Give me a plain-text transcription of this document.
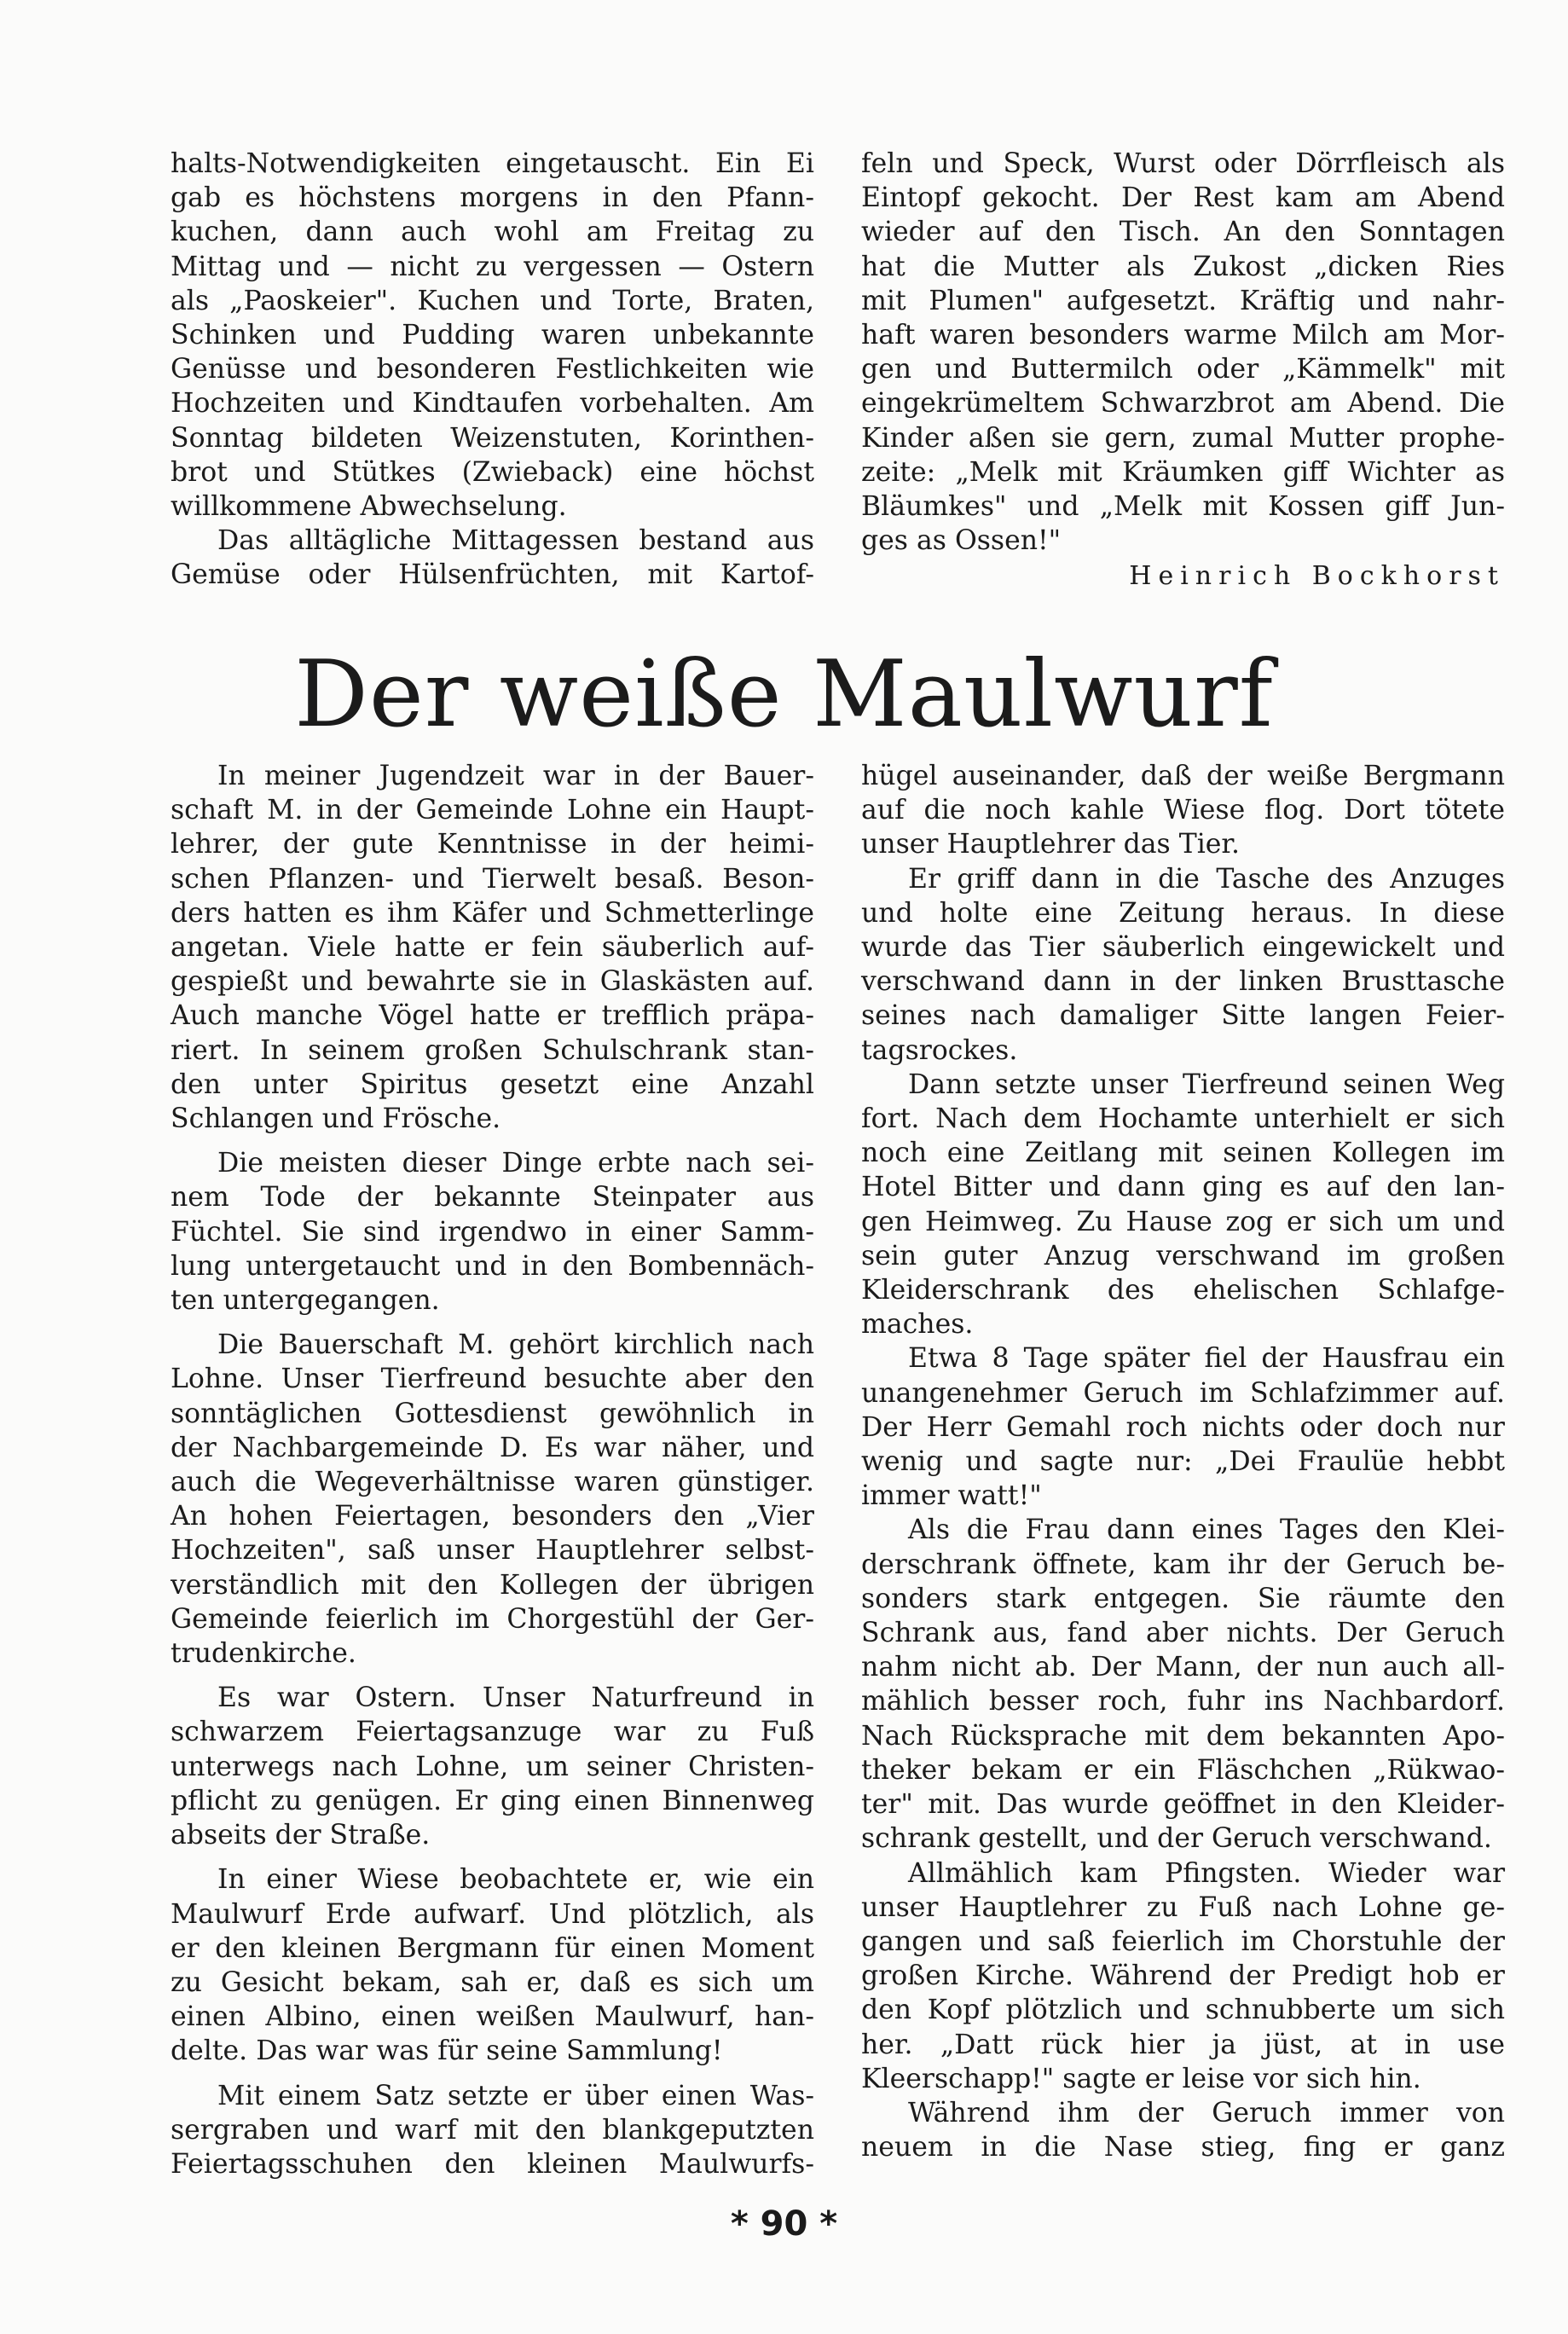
halts-Notwendigkeiten eingetauscht. Ein Ei
gab es höchstens morgens in den Pfann-
kuchen, dann auch wohl am Freitag zu
Mittag und — nicht zu vergessen — Ostern
als „Paoskeier". Kuchen und Torte, Braten,
Schinken und Pudding waren unbekannte
Genüsse und besonderen Festlichkeiten wie
Hochzeiten und Kindtaufen vorbehalten. Am
Sonntag bildeten Weizenstuten, Korinthen-
brot und Stütkes (Zwieback) eine höchst
willkommene Abwechselung.
Das alltägliche Mittagessen bestand aus
Gemüse oder Hülsenfrüchten, mit Kartof-
feln und Speck, Wurst oder Dörrfleisch als
Eintopf gekocht. Der Rest kam am Abend
wieder auf den Tisch. An den Sonntagen
hat die Mutter als Zukost „dicken Ries
mit Plumen" aufgesetzt. Kräftig und nahr-
haft waren besonders warme Milch am Mor-
gen und Buttermilch oder „Kämmelk" mit
eingekrümeltem Schwarzbrot am Abend. Die
Kinder aßen sie gern, zumal Mutter prophe-
zeite: „Melk mit Kräumken giff Wichter as
Bläumkes" und „Melk mit Kossen giff Jun-
ges as Ossen!"
Heinrich Bockhorst
Der weiße Maulwurf
In meiner Jugendzeit war in der Bauer-
schaft M. in der Gemeinde Lohne ein Haupt-
lehrer, der gute Kenntnisse in der heimi-
schen Pflanzen- und Tierwelt besaß. Beson-
ders hatten es ihm Käfer und Schmetterlinge
angetan. Viele hatte er fein säuberlich auf-
gespießt und bewahrte sie in Glaskästen auf.
Auch manche Vögel hatte er trefflich präpa-
riert. In seinem großen Schulschrank stan-
den unter Spiritus gesetzt eine Anzahl
Schlangen und Frösche.
Die meisten dieser Dinge erbte nach sei-
nem Tode der bekannte Steinpater aus
Füchtel. Sie sind irgendwo in einer Samm-
lung untergetaucht und in den Bombennäch-
ten untergegangen.
Die Bauerschaft M. gehört kirchlich nach
Lohne. Unser Tierfreund besuchte aber den
sonntäglichen Gottesdienst gewöhnlich in
der Nachbargemeinde D. Es war näher, und
auch die Wegeverhältnisse waren günstiger.
An hohen Feiertagen, besonders den „Vier
Hochzeiten", saß unser Hauptlehrer selbst-
verständlich mit den Kollegen der übrigen
Gemeinde feierlich im Chorgestühl der Ger-
trudenkirche.
Es war Ostern. Unser Naturfreund in
schwarzem Feiertagsanzuge war zu Fuß
unterwegs nach Lohne, um seiner Christen-
pflicht zu genügen. Er ging einen Binnenweg
abseits der Straße.
In einer Wiese beobachtete er, wie ein
Maulwurf Erde aufwarf. Und plötzlich, als
er den kleinen Bergmann für einen Moment
zu Gesicht bekam, sah er, daß es sich um
einen Albino, einen weißen Maulwurf, han-
delte. Das war was für seine Sammlung!
Mit einem Satz setzte er über einen Was-
sergraben und warf mit den blankgeputzten
Feiertagsschuhen den kleinen Maulwurfs-
hügel auseinander, daß der weiße Bergmann
auf die noch kahle Wiese flog. Dort tötete
unser Hauptlehrer das Tier.
Er griff dann in die Tasche des Anzuges
und holte eine Zeitung heraus. In diese
wurde das Tier säuberlich eingewickelt und
verschwand dann in der linken Brusttasche
seines nach damaliger Sitte langen Feier-
tagsrockes.
Dann setzte unser Tierfreund seinen Weg
fort. Nach dem Hochamte unterhielt er sich
noch eine Zeitlang mit seinen Kollegen im
Hotel Bitter und dann ging es auf den lan-
gen Heimweg. Zu Hause zog er sich um und
sein guter Anzug verschwand im großen
Kleiderschrank des ehelischen Schlafge-
maches.
Etwa 8 Tage später fiel der Hausfrau ein
unangenehmer Geruch im Schlafzimmer auf.
Der Herr Gemahl roch nichts oder doch nur
wenig und sagte nur: „Dei Fraulüe hebbt
immer watt!"
Als die Frau dann eines Tages den Klei-
derschrank öffnete, kam ihr der Geruch be-
sonders stark entgegen. Sie räumte den
Schrank aus, fand aber nichts. Der Geruch
nahm nicht ab. Der Mann, der nun auch all-
mählich besser roch, fuhr ins Nachbardorf.
Nach Rücksprache mit dem bekannten Apo-
theker bekam er ein Fläschchen „Rükwao-
ter" mit. Das wurde geöffnet in den Kleider-
schrank gestellt, und der Geruch verschwand.
Allmählich kam Pfingsten. Wieder war
unser Hauptlehrer zu Fuß nach Lohne ge-
gangen und saß feierlich im Chorstuhle der
großen Kirche. Während der Predigt hob er
den Kopf plötzlich und schnubberte um sich
her. „Datt rück hier ja jüst, at in use
Kleerschapp!" sagte er leise vor sich hin.
Während ihm der Geruch immer von
neuem in die Nase stieg, fing er ganz
* 90 *
